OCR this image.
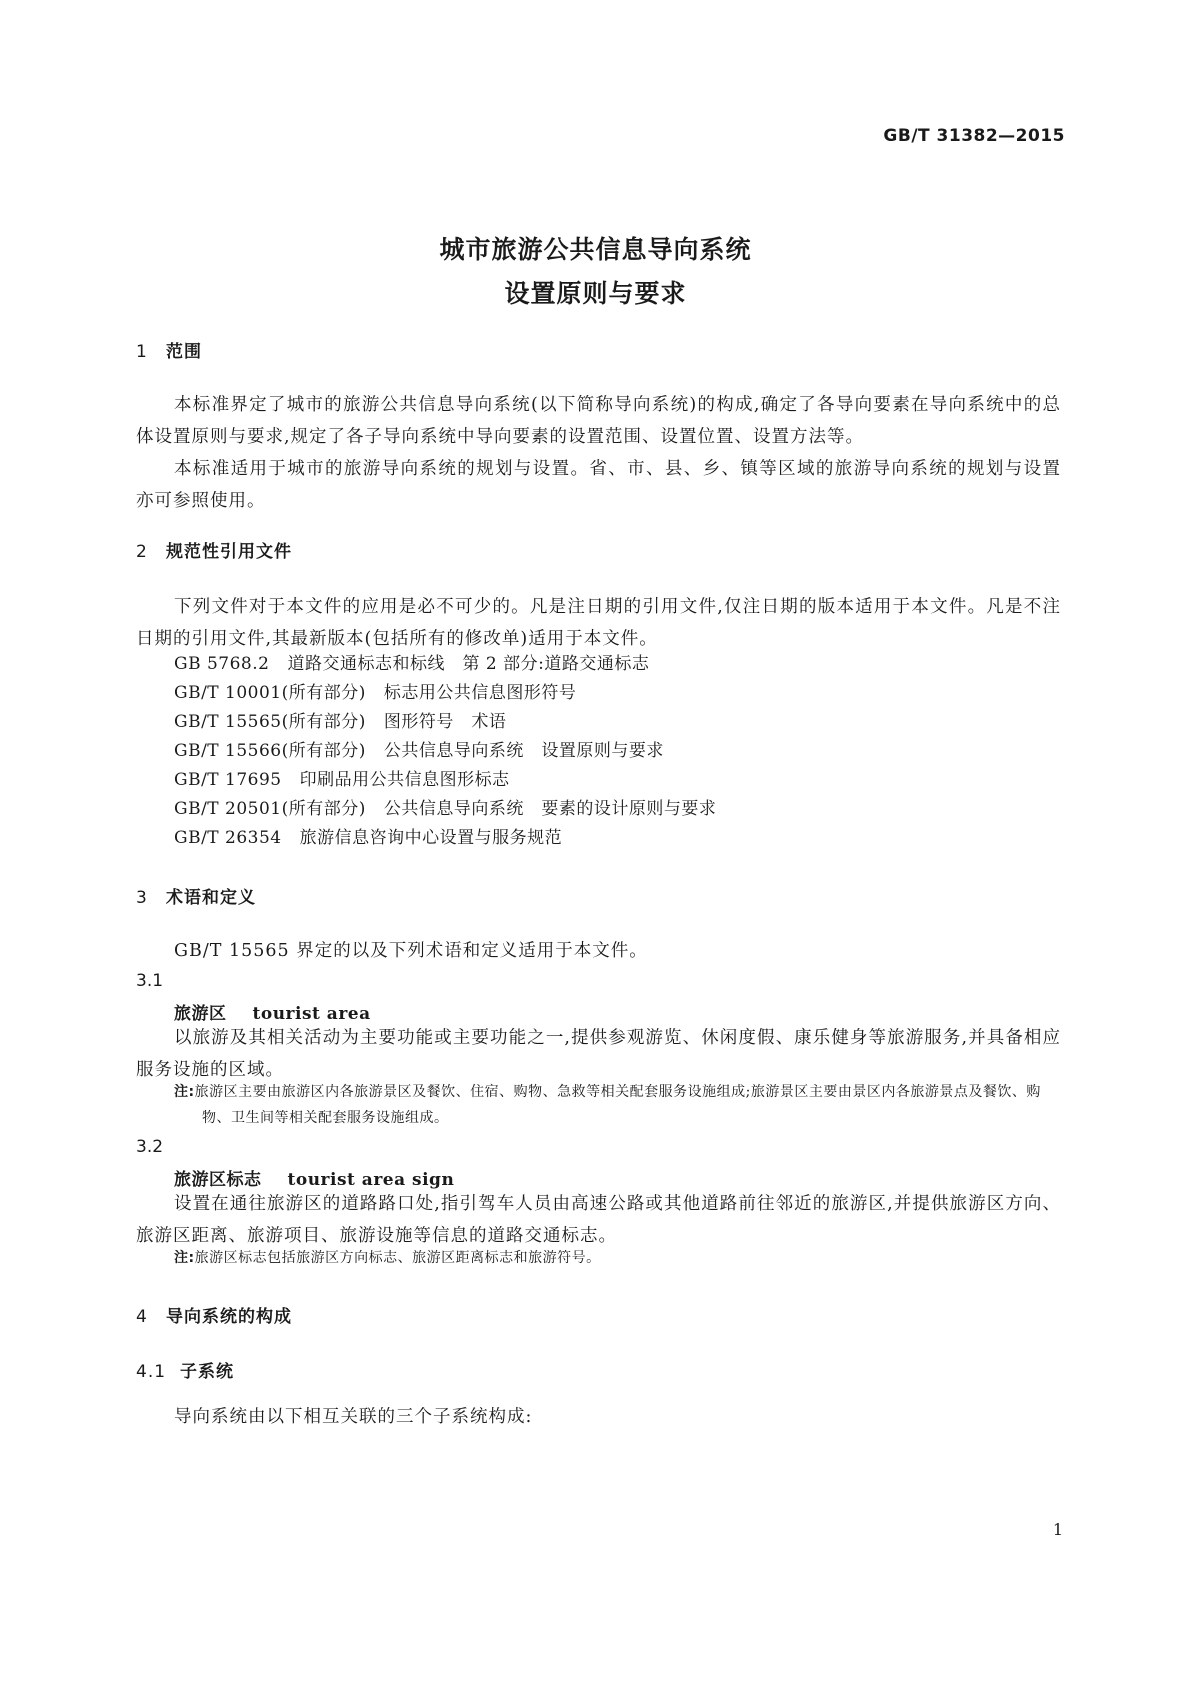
GB/T 31382—2015
城市旅游公共信息导向系统
设置原则与要求
1 范围
本标准界定了城市的旅游公共信息导向系统(以下简称导向系统)的构成,确定了各导向要素在导向系统中的总体设置原则与要求,规定了各子导向系统中导向要素的设置范围、设置位置、设置方法等。
本标准适用于城市的旅游导向系统的规划与设置。省、市、县、乡、镇等区域的旅游导向系统的规划与设置亦可参照使用。
2 规范性引用文件
下列文件对于本文件的应用是必不可少的。凡是注日期的引用文件,仅注日期的版本适用于本文件。凡是不注日期的引用文件,其最新版本(包括所有的修改单)适用于本文件。
GB 5768.2 道路交通标志和标线　第 2 部分:道路交通标志
GB/T 10001(所有部分) 标志用公共信息图形符号
GB/T 15565(所有部分) 图形符号　术语
GB/T 15566(所有部分) 公共信息导向系统　设置原则与要求
GB/T 17695 印刷品用公共信息图形标志
GB/T 20501(所有部分) 公共信息导向系统　要素的设计原则与要求
GB/T 26354 旅游信息咨询中心设置与服务规范
3 术语和定义
GB/T 15565 界定的以及下列术语和定义适用于本文件。
3.1
旅游区 tourist area
以旅游及其相关活动为主要功能或主要功能之一,提供参观游览、休闲度假、康乐健身等旅游服务,并具备相应服务设施的区域。
注:旅游区主要由旅游区内各旅游景区及餐饮、住宿、购物、急救等相关配套服务设施组成;旅游景区主要由景区内各旅游景点及餐饮、购物、卫生间等相关配套服务设施组成。
3.2
旅游区标志 tourist area sign
设置在通往旅游区的道路路口处,指引驾车人员由高速公路或其他道路前往邻近的旅游区,并提供旅游区方向、旅游区距离、旅游项目、旅游设施等信息的道路交通标志。
注:旅游区标志包括旅游区方向标志、旅游区距离标志和旅游符号。
4 导向系统的构成
4.1 子系统
导向系统由以下相互关联的三个子系统构成:
1
